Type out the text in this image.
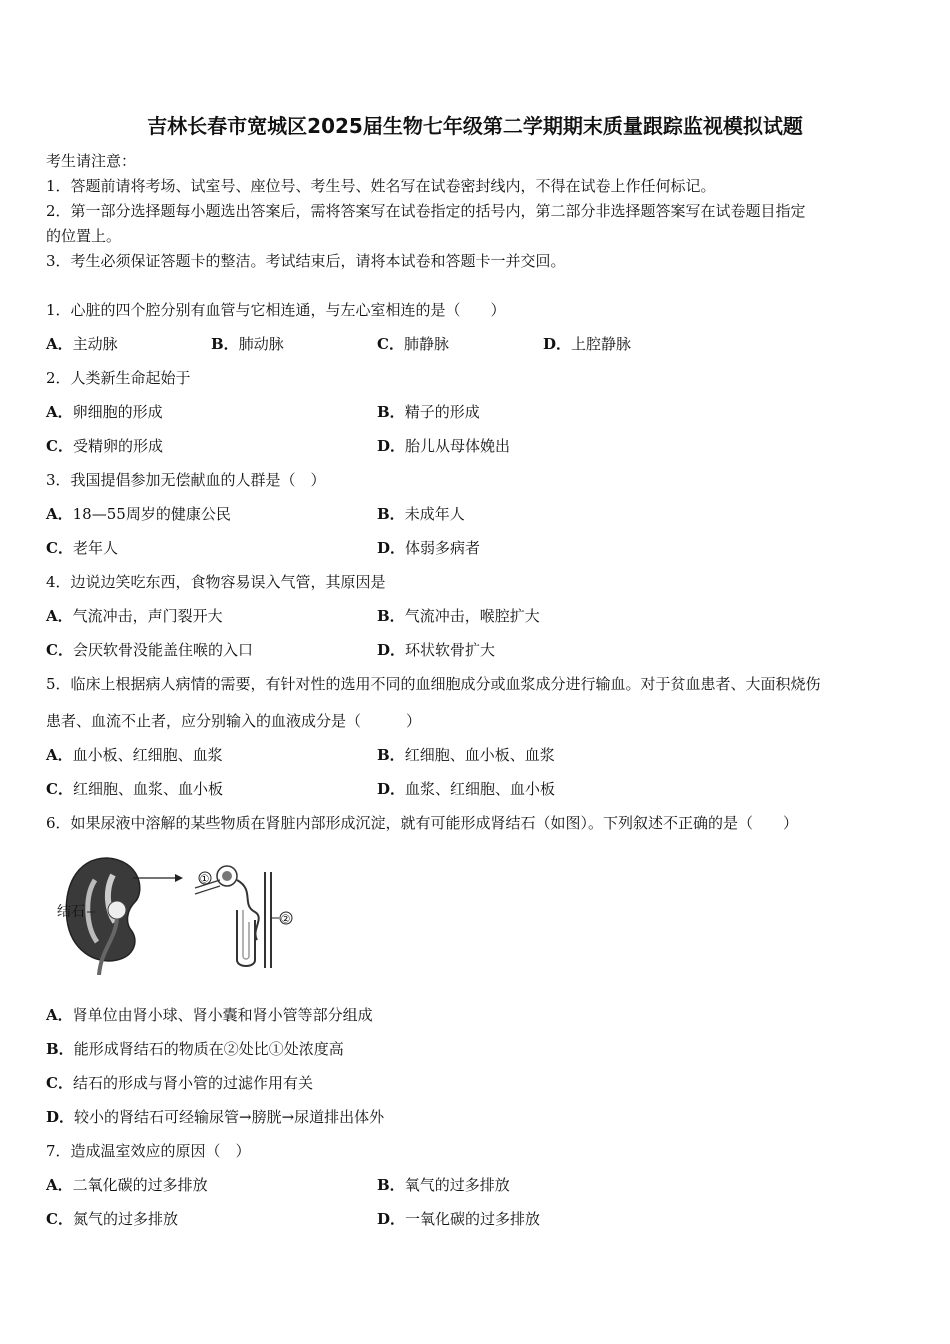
吉林长春市宽城区2025届生物七年级第二学期期末质量跟踪监视模拟试题
考生请注意：
1．答题前请将考场、试室号、座位号、考生号、姓名写在试卷密封线内，不得在试卷上作任何标记。
2．第一部分选择题每小题选出答案后，需将答案写在试卷指定的括号内，第二部分非选择题答案写在试卷题目指定
的位置上。
3．考生必须保证答题卡的整洁。考试结束后，请将本试卷和答题卡一并交回。
1．心脏的四个腔分别有血管与它相连通，与左心室相连的是（　　）
A．主动脉	B．肺动脉	C．肺静脉	D．上腔静脉
2．人类新生命起始于
A．卵细胞的形成	B．精子的形成
C．受精卵的形成	D．胎儿从母体娩出
3．我国提倡参加无偿献血的人群是（　）
A．18—55周岁的健康公民	B．未成年人
C．老年人	D．体弱多病者
4．边说边笑吃东西，食物容易误入气管，其原因是
A．气流冲击，声门裂开大	B．气流冲击，喉腔扩大
C．会厌软骨没能盖住喉的入口	D．环状软骨扩大
5．临床上根据病人病情的需要，有针对性的选用不同的血细胞成分或血浆成分进行输血。对于贫血患者、大面积烧伤
患者、血流不止者，应分别输入的血液成分是（　　　）
A．血小板、红细胞、血浆	B．红细胞、血小板、血浆
C．红细胞、血浆、血小板	D．血浆、红细胞、血小板
6．如果尿液中溶解的某些物质在肾脏内部形成沉淀，就有可能形成肾结石（如图）。下列叙述不正确的是（　　）
结石
①
②
A．肾单位由肾小球、肾小囊和肾小管等部分组成
B．能形成肾结石的物质在②处比①处浓度高
C．结石的形成与肾小管的过滤作用有关
D．较小的肾结石可经输尿管→膀胱→尿道排出体外
7．造成温室效应的原因（　）
A．二氧化碳的过多排放	B．氧气的过多排放
C．氮气的过多排放	D．一氧化碳的过多排放
